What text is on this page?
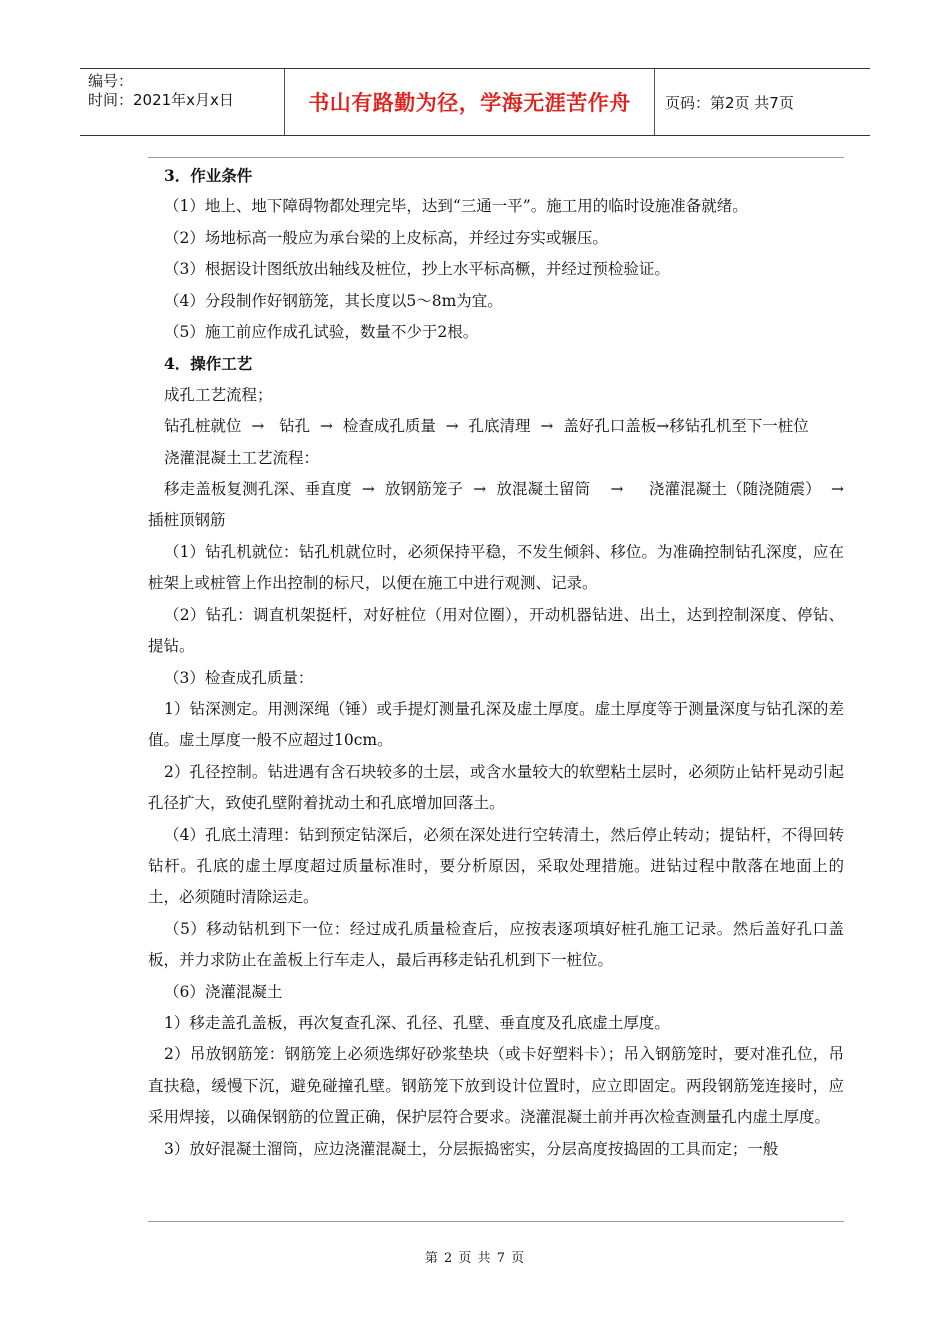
编号：
时间：2021年x月x日	书山有路勤为径，学海无涯苦作舟 页码：第2页 共7页

3．作业条件

（1）地上、地下障碍物都处理完毕，达到“三通一平”。施工用的临时设施准备就绪。

（2）场地标高一般应为承台梁的上皮标高，并经过夯实或辗压。

（3）根据设计图纸放出轴线及桩位，抄上水平标高橛，并经过预检验证。

（4）分段制作好钢筋笼，其长度以5～8m为宜。

（5）施工前应作成孔试验，数量不少于2根。

4．操作工艺

成孔工艺流程；

钻孔桩就位  →   钻孔  →  检查成孔质量  →  孔底清理  →  盖好孔口盖板→移钻孔机至下一桩位

浇灌混凝土工艺流程：

移走盖板复测孔深、垂直度  →  放钢筋笼子  →  放混凝土留筒    →     浇灌混凝土（随浇随震）  →  插桩顶钢筋

（1）钻孔机就位：钻孔机就位时，必须保持平稳，不发生倾斜、移位。为准确控制钻孔深度，应在桩架上或桩管上作出控制的标尺，以便在施工中进行观测、记录。

（2）钻孔：调直机架挺杆，对好桩位（用对位圈），开动机器钻进、出土，达到控制深度、停钻、提钻。

（3）检查成孔质量：

1）钻深测定。用测深绳（锤）或手提灯测量孔深及虚土厚度。虚土厚度等于测量深度与钻孔深的差值。虚土厚度一般不应超过10cm。

2）孔径控制。钻进遇有含石块较多的土层，或含水量较大的软塑粘土层时，必须防止钻杆晃动引起孔径扩大，致使孔壁附着扰动土和孔底增加回落土。

（4）孔底土清理：钻到预定钻深后，必须在深处进行空转清土，然后停止转动；提钻杆，不得回转钻杆。孔底的虚土厚度超过质量标准时，要分析原因，采取处理措施。进钻过程中散落在地面上的土，必须随时清除运走。

（5）移动钻机到下一位：经过成孔质量检查后，应按表逐项填好桩孔施工记录。然后盖好孔口盖板，并力求防止在盖板上行车走人，最后再移走钻孔机到下一桩位。

（6）浇灌混凝土

1）移走盖孔盖板，再次复查孔深、孔径、孔壁、垂直度及孔底虚土厚度。

2）吊放钢筋笼：钢筋笼上必须选绑好砂浆垫块（或卡好塑料卡）；吊入钢筋笼时，要对准孔位，吊直扶稳，缓慢下沉，避免碰撞孔壁。钢筋笼下放到设计位置时，应立即固定。两段钢筋笼连接时，应采用焊接，以确保钢筋的位置正确，保护层符合要求。浇灌混凝土前并再次检查测量孔内虚土厚度。

3）放好混凝土溜筒，应边浇灌混凝土，分层振捣密实，分层高度按捣固的工具而定；一般

第 2 页 共 7 页
